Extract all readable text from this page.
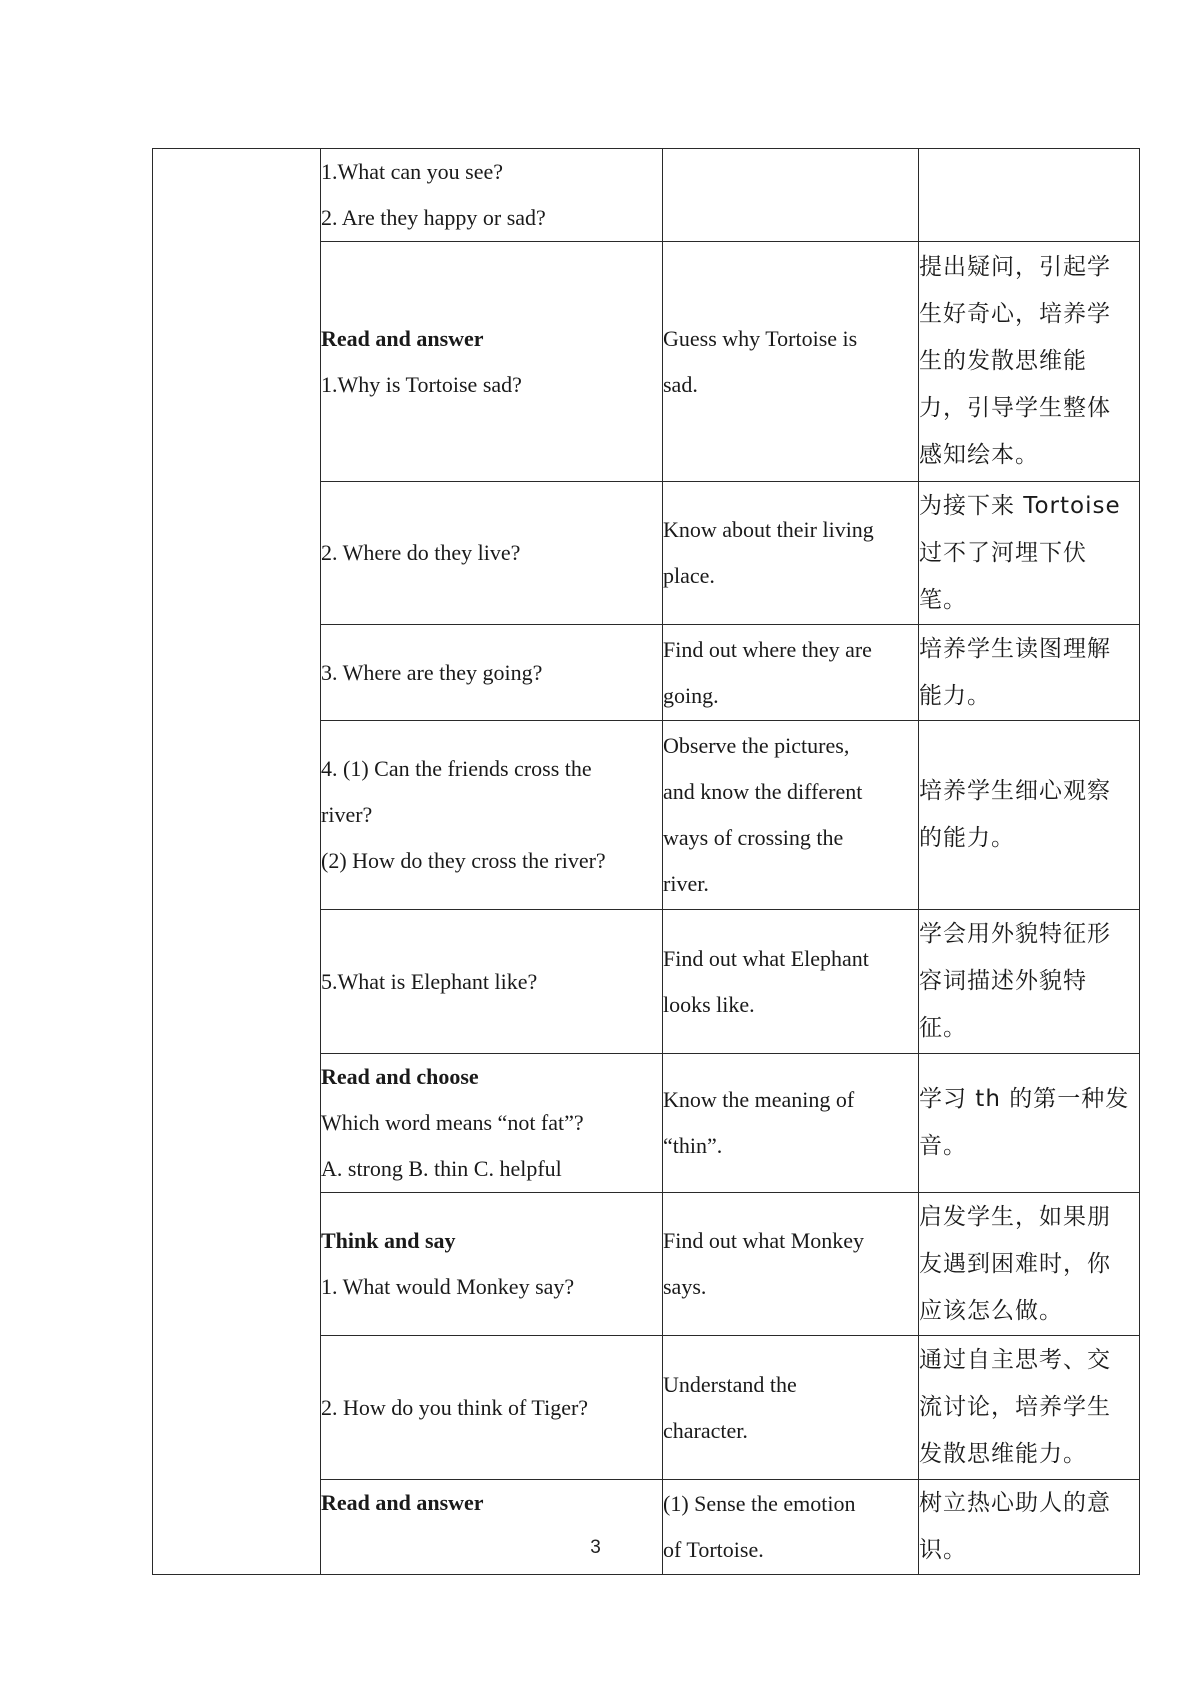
	1.What can you see?
2. Are they happy or sad?		

	Read and answer
1.Why is Tortoise sad?	Guess why Tortoise is
sad.	提出疑问，引起学
生好奇心，培养学
生的发散思维能
力，引导学生整体
感知绘本。

	2. Where do they live?	Know about their living
place.	为接下来 Tortoise
过不了河埋下伏
笔。

	3. Where are they going?	Find out where they are
going.	培养学生读图理解
能力。

	4. (1) Can the friends cross the
river?
(2) How do they cross the river?	Observe the pictures,
and know the different
ways of crossing the
river.	培养学生细心观察
的能力。

	5.What is Elephant like?	Find out what Elephant
looks like.	学会用外貌特征形
容词描述外貌特
征。

	Read and choose
Which word means “not fat”?
A. strong B. thin C. helpful	Know the meaning of
“thin”.	学习 th 的第一种发
音。

	Think and say
1. What would Monkey say?	Find out what Monkey
says.	启发学生，如果朋
友遇到困难时，你
应该怎么做。

	2. How do you think of Tiger?	Understand the
character.	通过自主思考、交
流讨论，培养学生
发散思维能力。

	Read and answer	(1) Sense the emotion
of Tortoise.	树立热心助人的意
识。
3
